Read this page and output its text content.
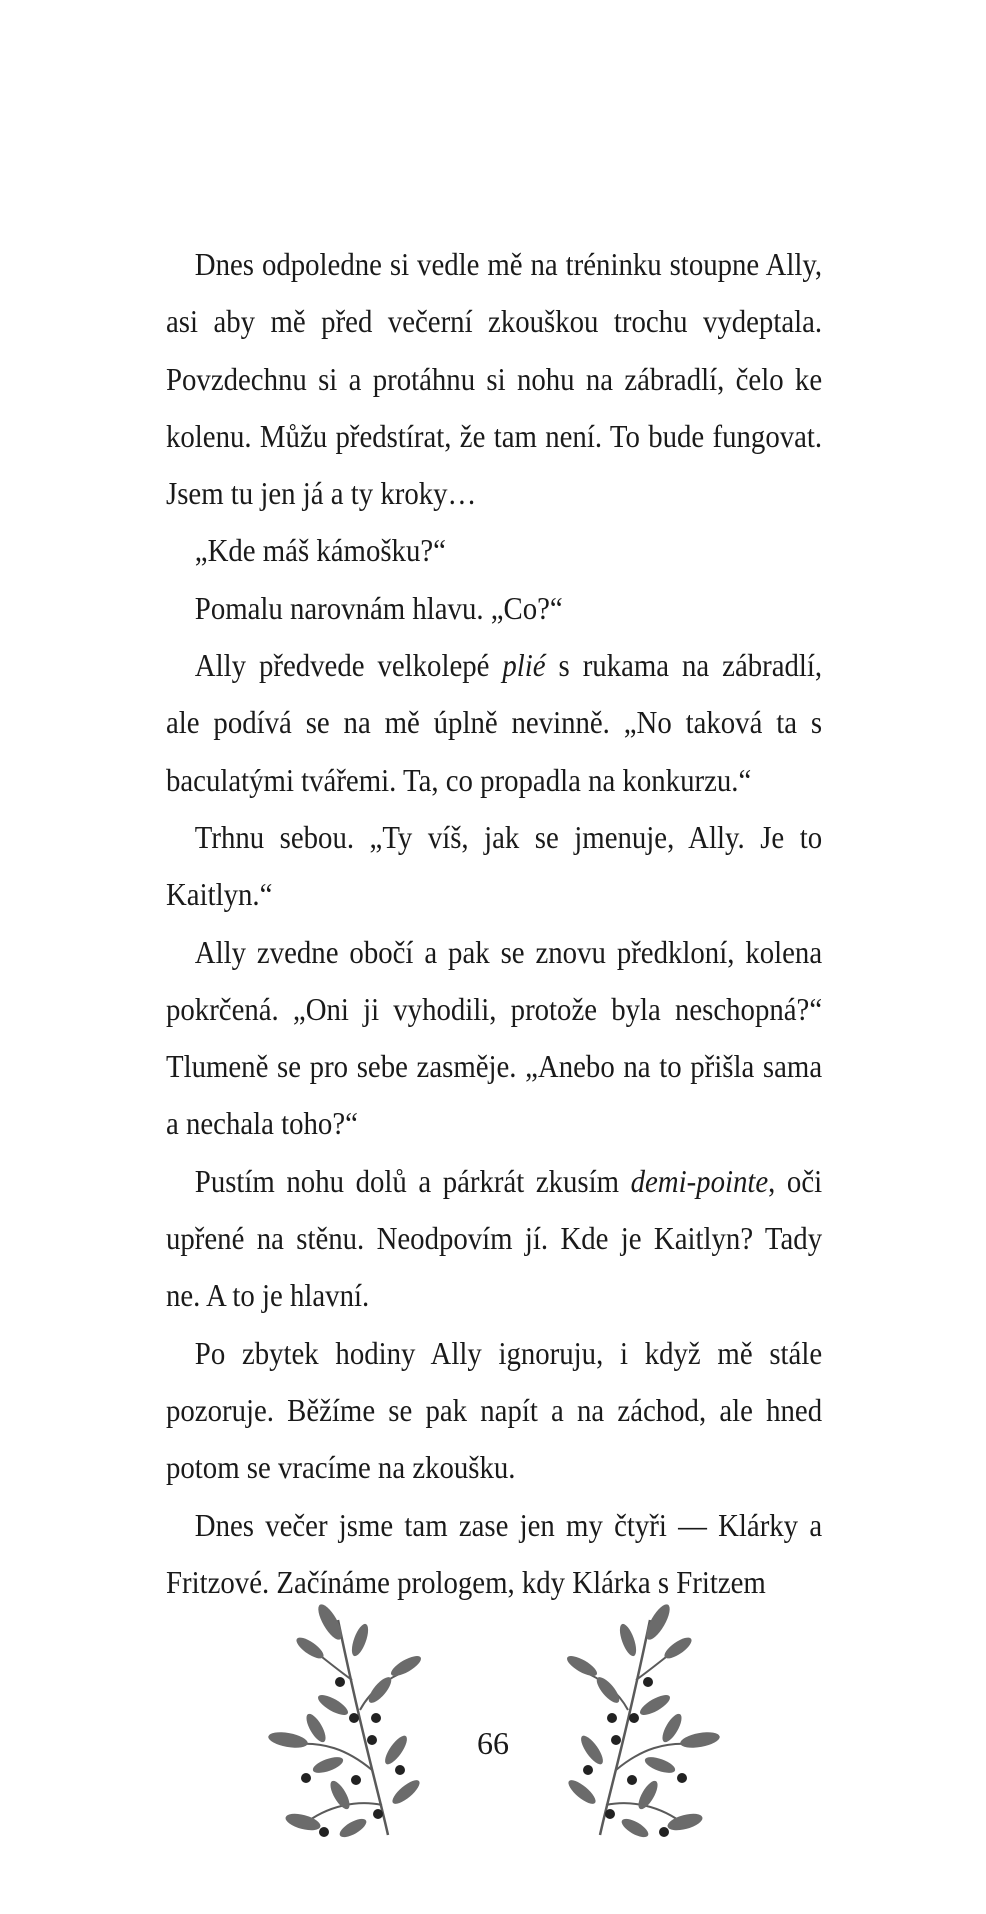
Dnes odpoledne si vedle mě na tréninku stoupne Ally, asi aby mě před večerní zkouškou trochu vydeptala. Povzdechnu si a protáhnu si nohu na zábradlí, čelo ke kolenu. Můžu předstírat, že tam není. To bude fungovat. Jsem tu jen já a ty kroky…

„Kde máš kámošku?“

Pomalu narovnám hlavu. „Co?“

Ally předvede velkolepé plié s rukama na zábradlí, ale podívá se na mě úplně nevinně. „No taková ta s baculatými tvářemi. Ta, co propadla na konkurzu.“

Trhnu sebou. „Ty víš, jak se jmenuje, Ally. Je to Kaitlyn.“

Ally zvedne obočí a pak se znovu předkloní, kolena pokrčená. „Oni ji vyhodili, protože byla neschopná?“ Tlumeně se pro sebe zasměje. „Anebo na to přišla sama a nechala toho?“

Pustím nohu dolů a párkrát zkusím demi-pointe, oči upřené na stěnu. Neodpovím jí. Kde je Kaitlyn? Tady ne. A to je hlavní.

Po zbytek hodiny Ally ignoruju, i když mě stále pozoruje. Běžíme se pak napít a na záchod, ale hned potom se vracíme na zkoušku.

Dnes večer jsme tam zase jen my čtyři — Klárky a Fritzové. Začínáme prologem, kdy Klárka s Fritzem

66
